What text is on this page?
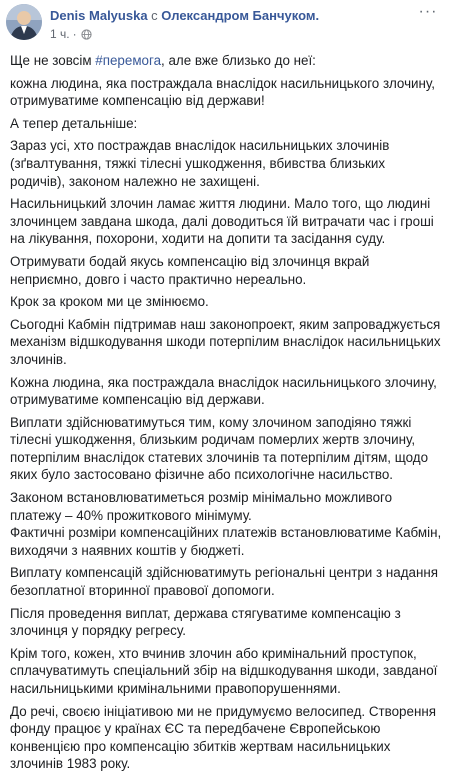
Denis Malyuska с Олександром Банчуком.
1 ч. ·
···

Ще не зовсім #перемога, але вже близько до неї:

кожна людина, яка постраждала внаслідок насильницького злочину, отримуватиме компенсацію від держави!

А тепер детальніше:

Зараз усі, хто постраждав внаслідок насильницьких злочинів (зґвалтування, тяжкі тілесні ушкодження, вбивства близьких родичів), законом належно не захищені.

Насильницький злочин ламає життя людини. Мало того, що людині злочинцем завдана шкода, далі доводиться їй витрачати час і гроші на лікування, похорони, ходити на допити та засідання суду.

Отримувати бодай якусь компенсацію від злочинця вкрай неприємно, довго і часто практично нереально.

Крок за кроком ми це змінюємо.

Сьогодні Кабмін підтримав наш законопроект, яким запроваджується механізм відшкодування шкоди потерпілим внаслідок насильницьких злочинів.

Кожна людина, яка постраждала внаслідок насильницького злочину, отримуватиме компенсацію від держави.

Виплати здійснюватимуться тим, кому злочином заподіяно тяжкі тілесні ушкодження, близьким родичам померлих жертв злочину, потерпілим внаслідок статевих злочинів та потерпілим дітям, щодо яких було застосовано фізичне або психологічне насильство.

Законом встановлюватиметься розмір мінімально можливого платежу – 40% прожиткового мінімуму.
Фактичні розміри компенсаційних платежів встановлюватиме Кабмін, виходячи з наявних коштів у бюджеті.

Виплату компенсацій здійснюватимуть регіональні центри з надання безоплатної вторинної правової допомоги.

Після проведення виплат, держава стягуватиме компенсацію з злочинця у порядку регресу.

Крім того, кожен, хто вчинив злочин або кримінальний проступок, сплачуватимуть спеціальний збір на відшкодування шкоди, завданої насильницькими кримінальними правопорушеннями.

До речі, своєю ініціативою ми не придумуємо велосипед. Створення фонду працює у країнах ЄС та передбачене Європейською конвенцією про компенсацію збитків жертвам насильницьких злочинів 1983 року.
